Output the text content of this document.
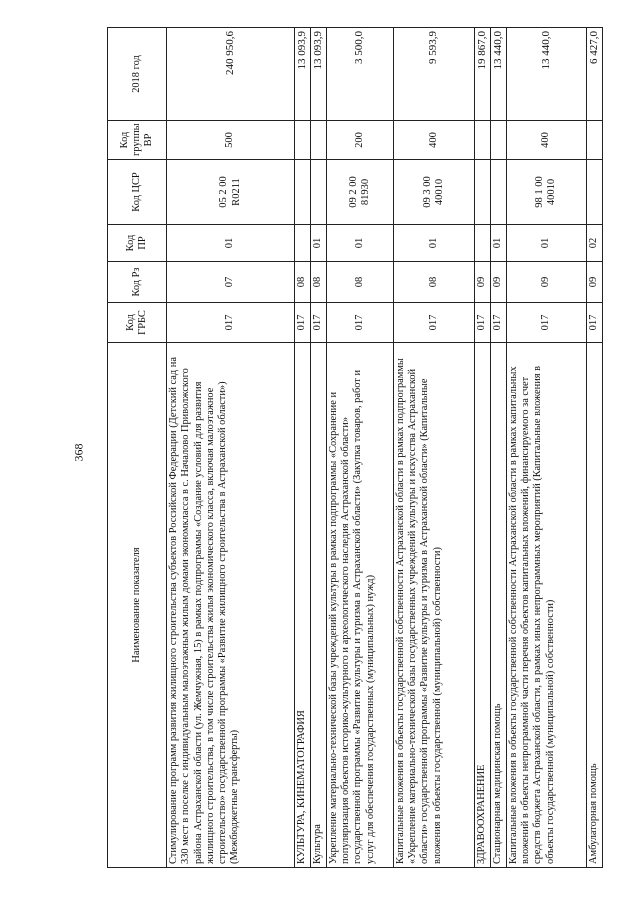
368
Наименование показателя	Код ГРБС	Код Рз	Код ПР	Код ЦСР	Код группы ВР	2018 год
Стимулирование программ развития жилищного строительства субъектов Российской Федерации (Детский сад на 330 мест в поселке с индивидуальным малоэтажным жилым домами экономкласса в с. Началово Приволжского района Астраханской области (ул. Жемчужная, 15) в рамках подпрограммы «Создание условий для развития жилищного строительства, в том числе строительства жилья экономического класса, включая малоэтажное строительство» государственной программы «Развитие жилищного строительства в Астраханской области») (Межбюджетные трансферты)	017	07	01	05 2 00 R0211	500	240 950,6
КУЛЬТУРА, КИНЕМАТОГРАФИЯ	017	08				13 093,9
Культура	017	08	01			13 093,9
Укрепление материально-технической базы учреждений культуры в рамках подпрограммы «Сохранение и популяризация объектов историко-культурного и археологического наследия Астраханской области» государственной программы «Развитие культуры и туризма в Астраханской области» (Закупка товаров, работ и услуг для обеспечения государственных (муниципальных) нужд)	017	08	01	09 2 00 81930	200	3 500,0
Капитальные вложения в объекты государственной собственности Астраханской области в рамках подпрограммы «Укрепление материально-технической базы государственных учреждений культуры и искусства Астраханской области» государственной программы «Развитие культуры и туризма в Астраханской области» (Капитальные вложения в объекты государственной (муниципальной) собственности)	017	08	01	09 3 00 40010	400	9 593,9
ЗДРАВООХРАНЕНИЕ	017	09				19 867,0
Стационарная медицинская помощь	017	09	01			13 440,0
Капитальные вложения в объекты государственной собственности Астраханской области в рамках капитальных вложений в объекты непрограммной части перечня объектов капитальных вложений, финансируемого за счет средств бюджета Астраханской области, в рамках иных непрограммных мероприятий (Капитальные вложения в объекты государственной (муниципальной) собственности)	017	09	01	98 1 00 40010	400	13 440,0
Амбулаторная помощь	017	09	02			6 427,0
